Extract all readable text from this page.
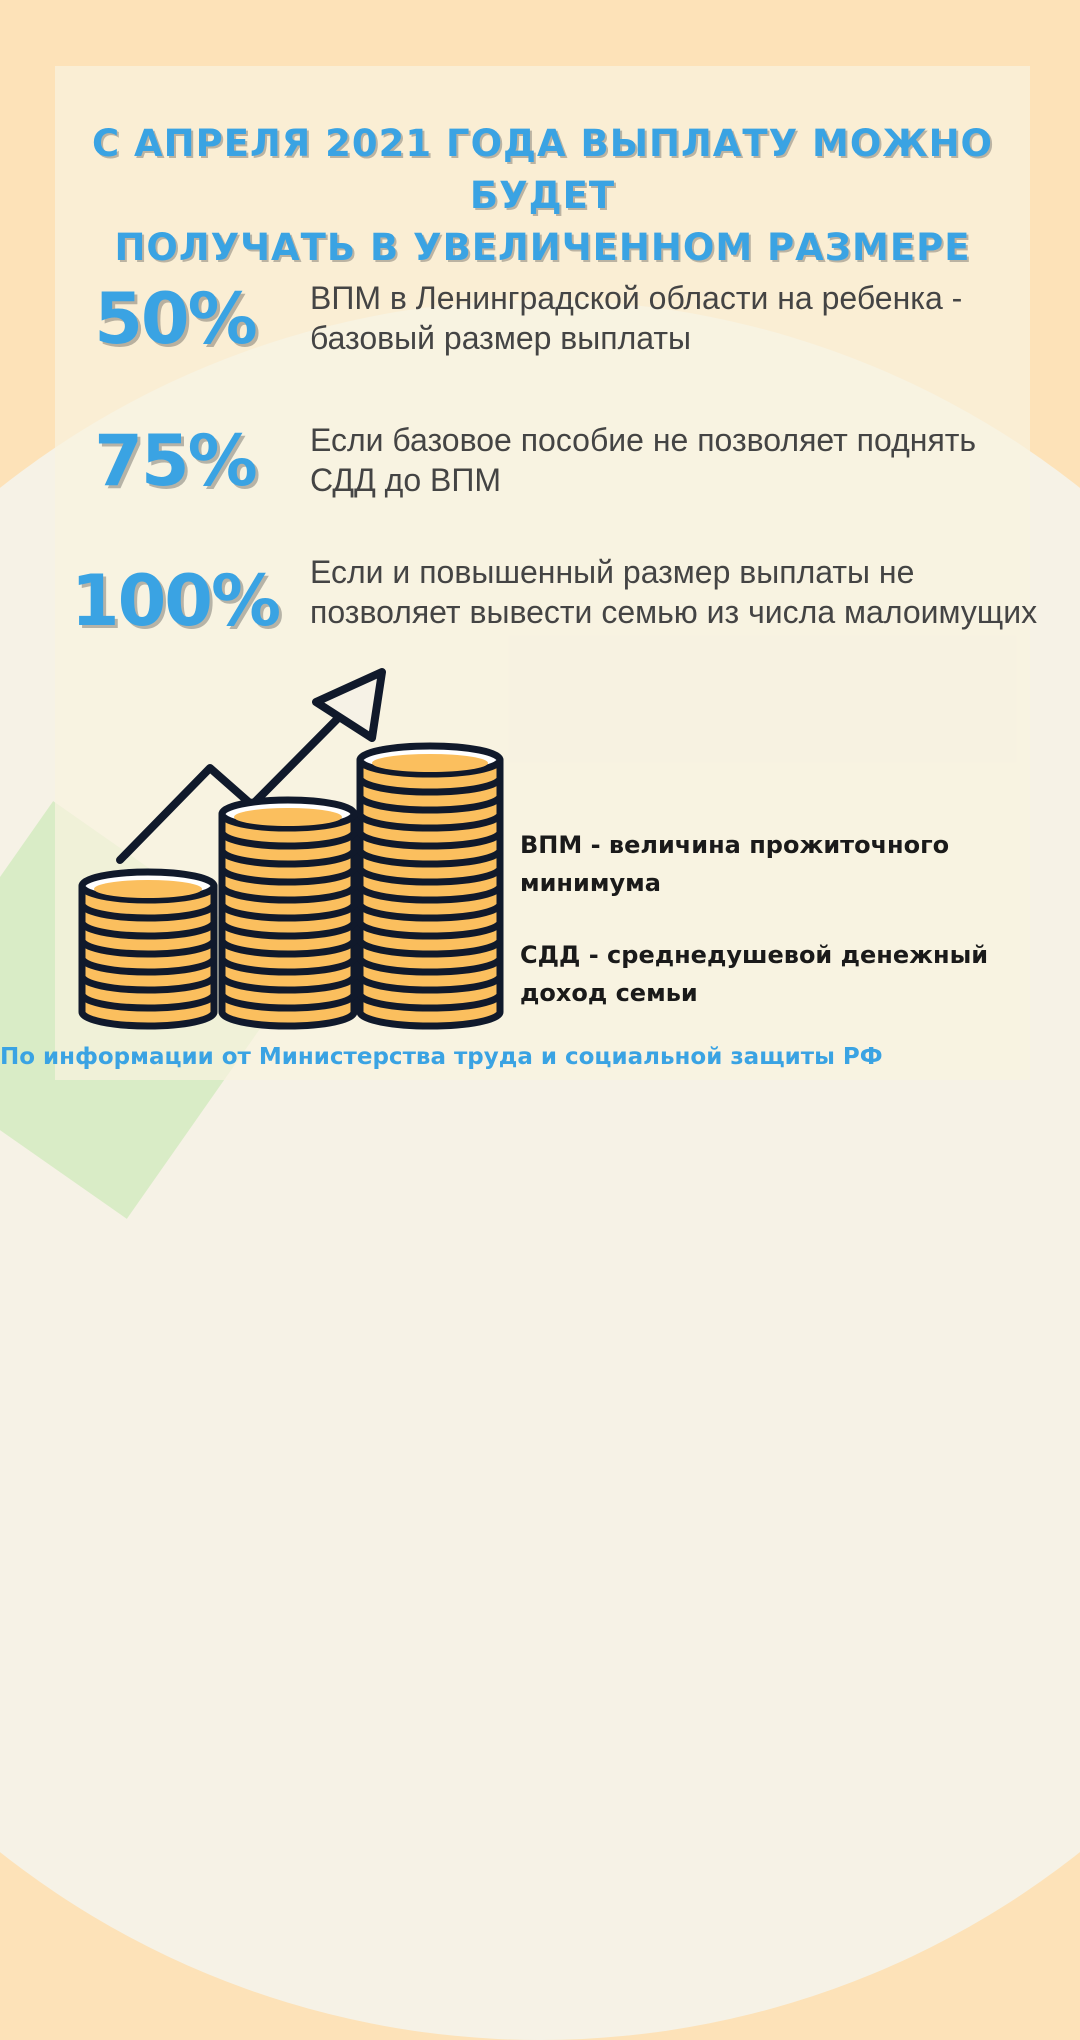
С АПРЕЛЯ 2021 ГОДА ВЫПЛАТУ МОЖНО БУДЕТ
ПОЛУЧАТЬ В УВЕЛИЧЕННОМ РАЗМЕРЕ
50%	ВПМ в Ленинградской области на ребенка -
базовый размер выплаты
75%	Если базовое пособие не позволяет поднять
СДД до ВПМ
100% Если и повышенный размер выплаты не
позволяет вывести семью из числа малоимущих
ВПМ - величина прожиточного
минимума
СДД - среднедушевой денежный
доход семьи
По информации от Министерства труда и социальной защиты РФ
